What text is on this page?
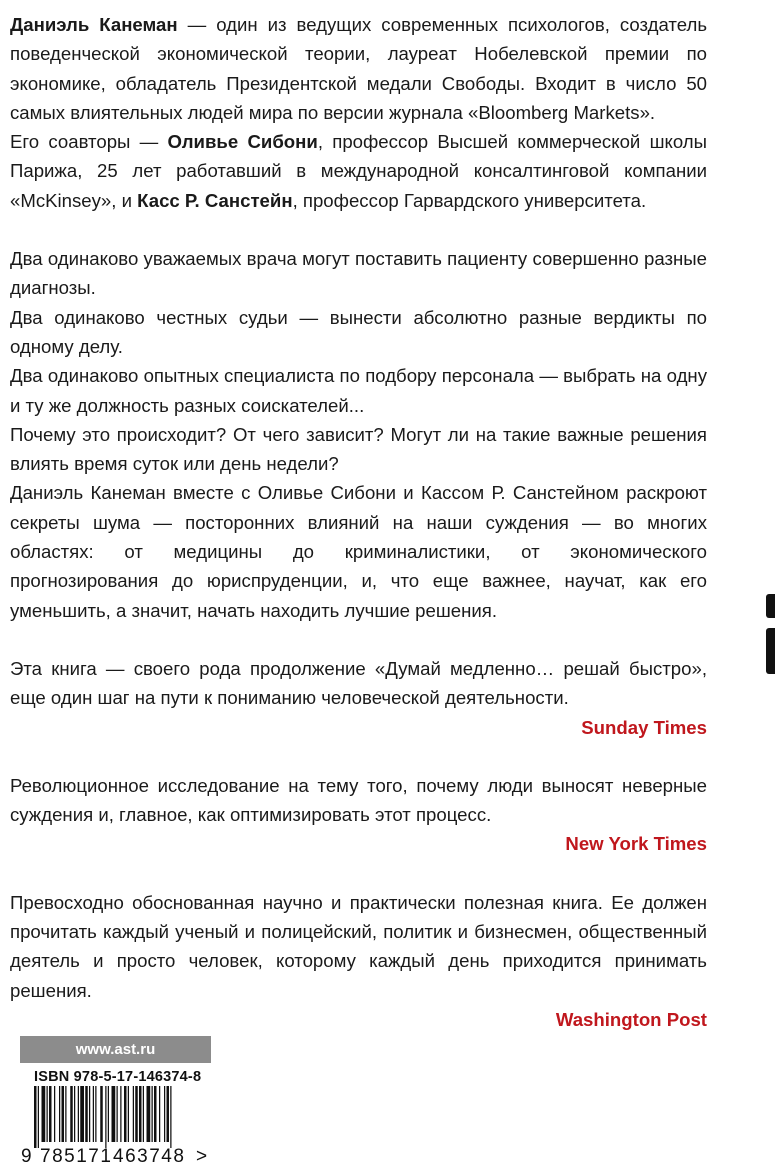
Даниэль Канеман — один из ведущих современных психологов, создатель поведенческой экономической теории, лауреат Нобелевской премии по экономике, обладатель Президентской медали Свободы. Входит в число 50 самых влиятельных людей мира по версии журнала «Bloomberg Markets».

Его соавторы — Оливье Сибони, профессор Высшей коммерческой школы Парижа, 25 лет работавший в международной консалтинговой компании «McKinsey», и Касс Р. Санстейн, профессор Гарвардского университета.

Два одинаково уважаемых врача могут поставить пациенту совершенно разные диагнозы.

Два одинаково честных судьи — вынести абсолютно разные вердикты по одному делу.

Два одинаково опытных специалиста по подбору персонала — выбрать на одну и ту же должность разных соискателей...

Почему это происходит? От чего зависит? Могут ли на такие важные решения влиять время суток или день недели?

Даниэль Канеман вместе с Оливье Сибони и Кассом Р. Санстейном раскроют секреты шума — посторонних влияний на наши суждения — во многих областях: от медицины до криминалистики, от экономического прогнозирования до юриспруденции, и, что еще важнее, научат, как его уменьшить, а значит, начать находить лучшие решения.

Эта книга — своего рода продолжение «Думай медленно… решай быстро», еще один шаг на пути к пониманию человеческой деятельности.

Sunday Times

Революционное исследование на тему того, почему люди выносят неверные суждения и, главное, как оптимизировать этот процесс.

New York Times

Превосходно обоснованная научно и практически полезная книга. Ее должен прочитать каждый ученый и полицейский, политик и бизнесмен, общественный деятель и просто человек, которому каждый день приходится принимать решения.

Washington Post

www.ast.ru
ISBN 978-5-17-146374-8
9 785171 463748 >
